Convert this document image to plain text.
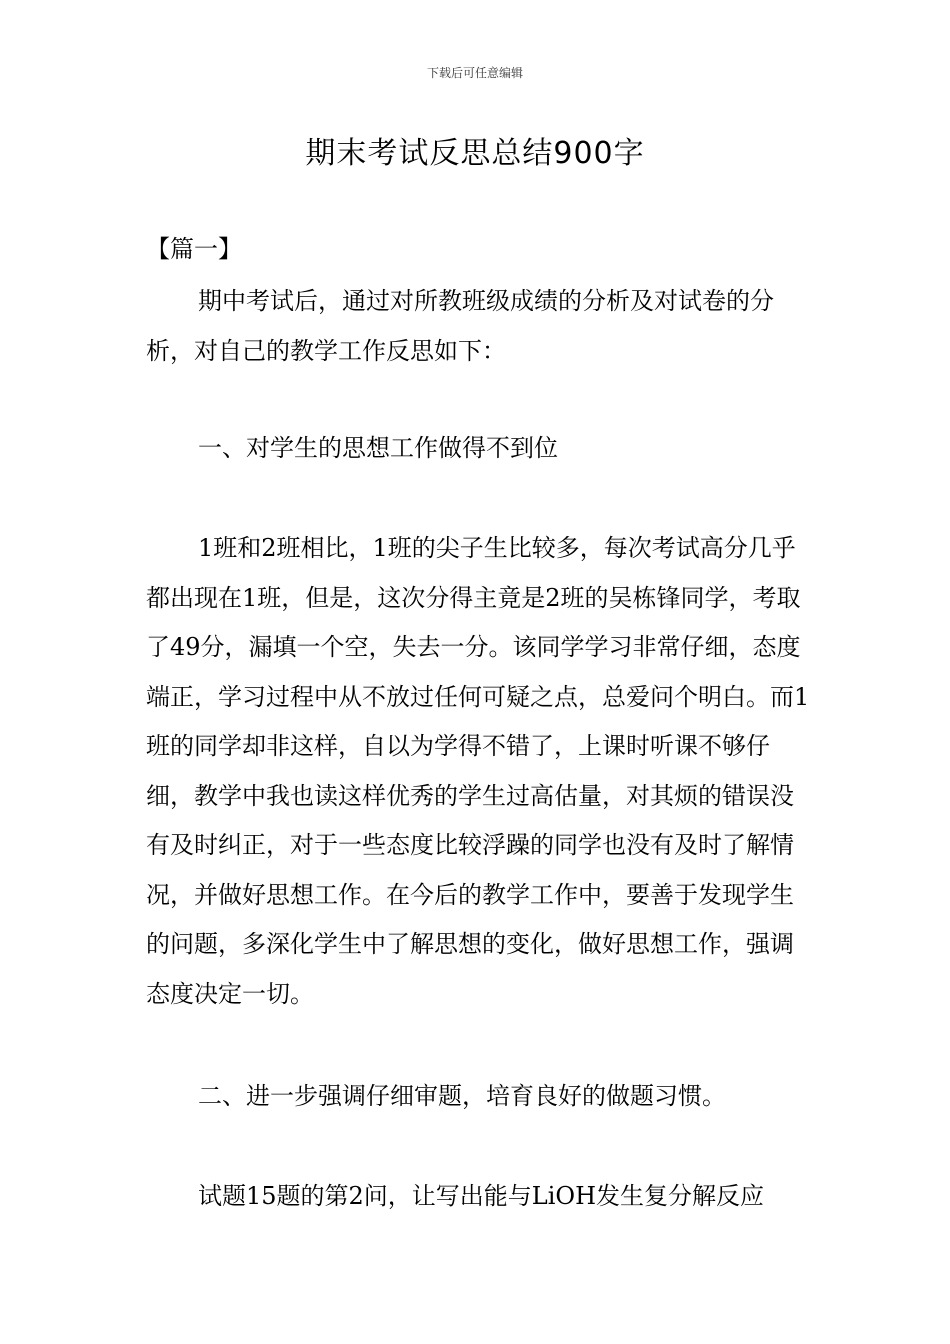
下载后可任意编辑
期末考试反思总结900字
【篇一】

期中考试后，通过对所教班级成绩的分析及对试卷的分析，对自己的教学工作反思如下：

一、对学生的思想工作做得不到位

1班和2班相比，1班的尖子生比较多，每次考试高分几乎都出现在1班，但是，这次分得主竟是2班的吴栋锋同学，考取了49分，漏填一个空，失去一分。该同学学习非常仔细，态度端正，学习过程中从不放过任何可疑之点，总爱问个明白。而1班的同学却非这样，自以为学得不错了，上课时听课不够仔细，教学中我也读这样优秀的学生过高估量，对其烦的错误没有及时纠正，对于一些态度比较浮躁的同学也没有及时了解情况，并做好思想工作。在今后的教学工作中，要善于发现学生的问题，多深化学生中了解思想的变化，做好思想工作，强调态度决定一切。

二、进一步强调仔细审题，培育良好的做题习惯。

试题15题的第2问，让写出能与LiOH发生复分解反应
